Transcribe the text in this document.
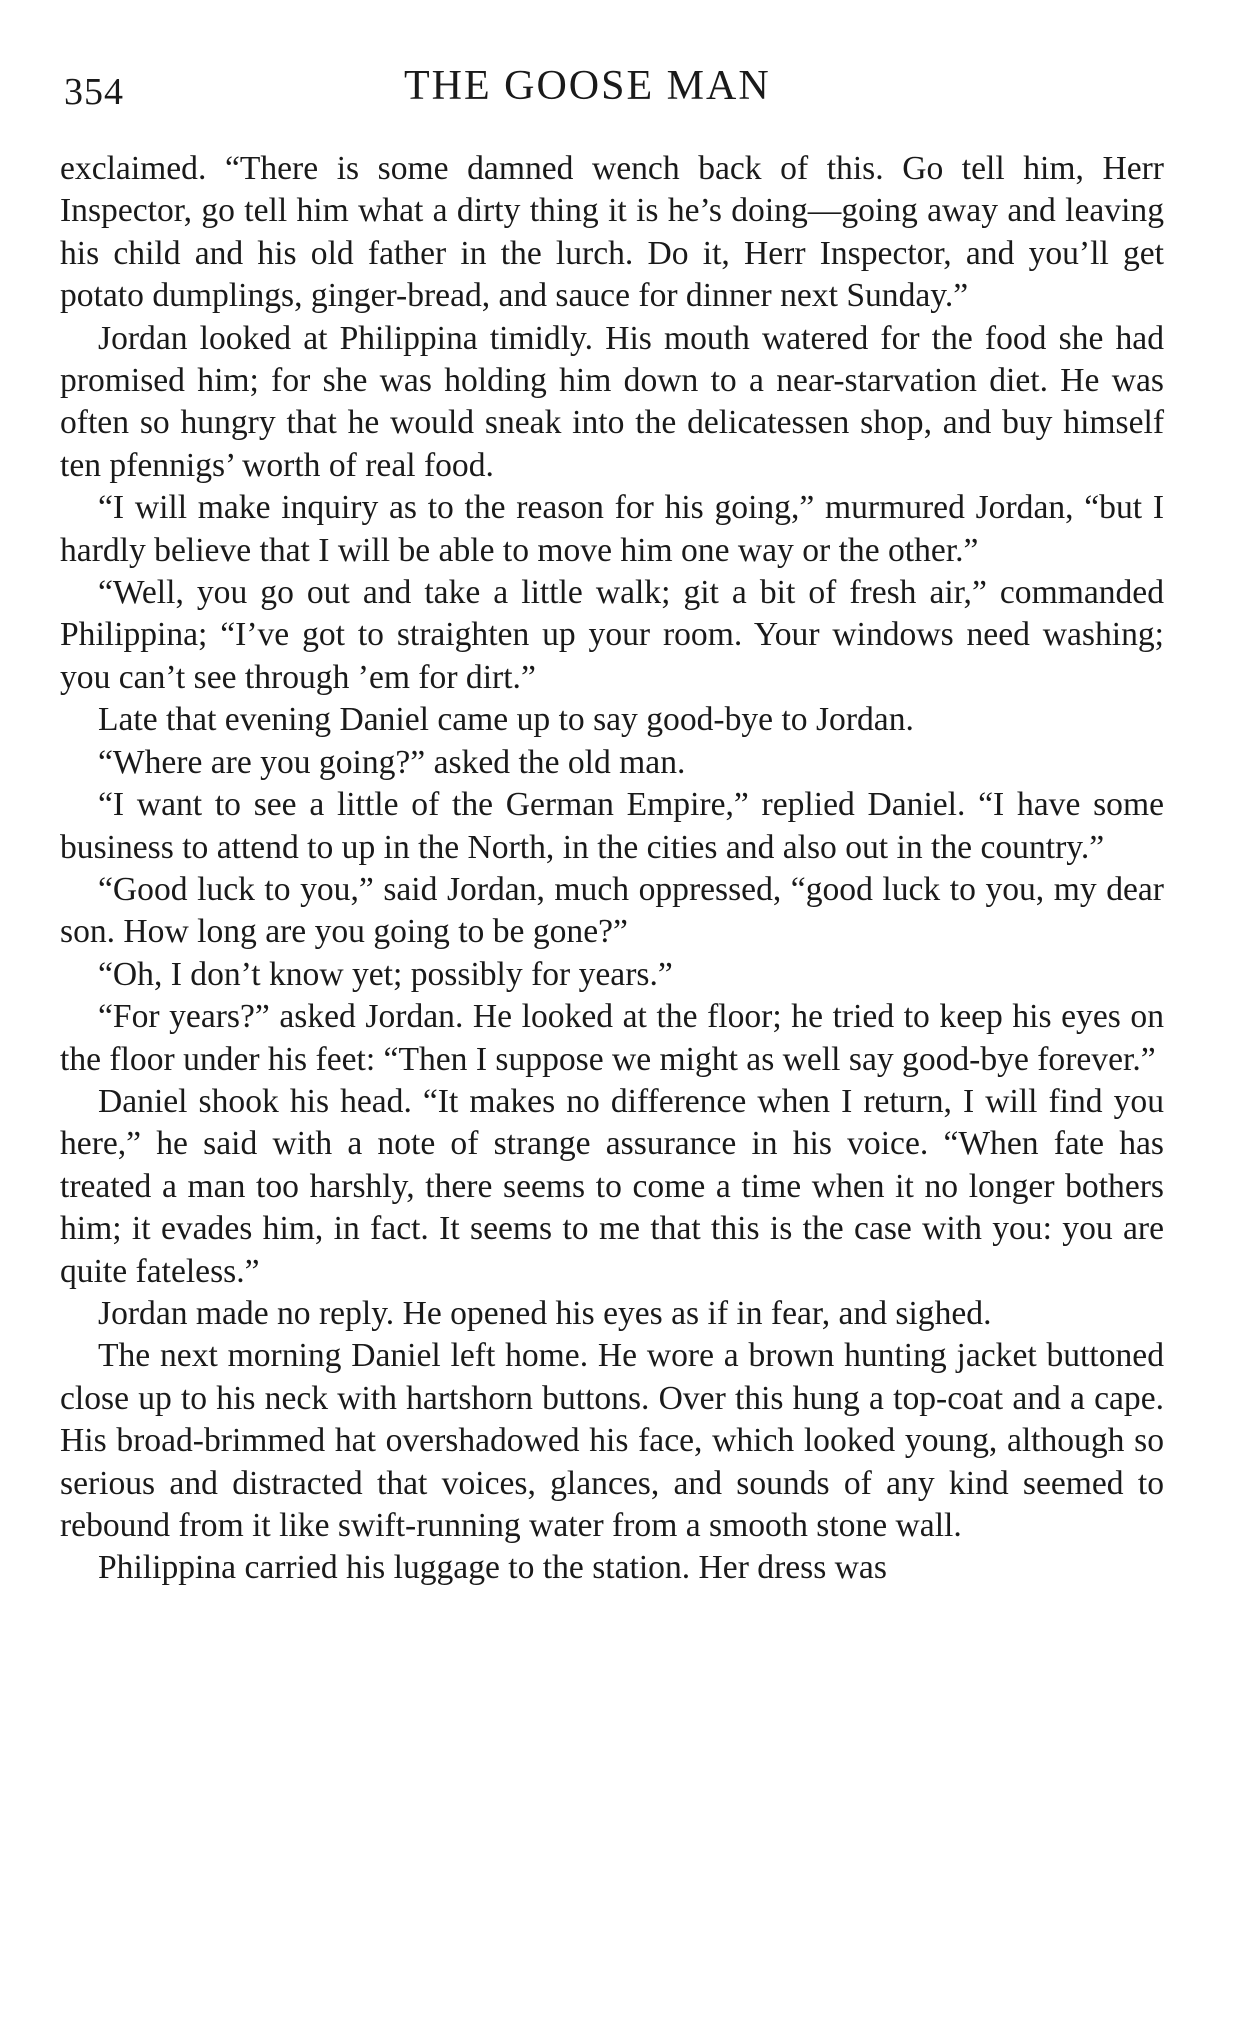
354	THE GOOSE MAN

exclaimed. “There is some damned wench back of this. Go tell him, Herr Inspector, go tell him what a dirty thing it is he’s doing—going away and leaving his child and his old father in the lurch. Do it, Herr Inspector, and you’ll get potato dumplings, ginger-bread, and sauce for dinner next Sunday.”

Jordan looked at Philippina timidly. His mouth watered for the food she had promised him; for she was holding him down to a near-starvation diet. He was often so hungry that he would sneak into the delicatessen shop, and buy himself ten pfennigs’ worth of real food.

“I will make inquiry as to the reason for his going,” murmured Jordan, “but I hardly believe that I will be able to move him one way or the other.”

“Well, you go out and take a little walk; git a bit of fresh air,” commanded Philippina; “I’ve got to straighten up your room. Your windows need washing; you can’t see through ’em for dirt.”

Late that evening Daniel came up to say good-bye to Jordan.

“Where are you going?” asked the old man.

“I want to see a little of the German Empire,” replied Daniel. “I have some business to attend to up in the North, in the cities and also out in the country.”

“Good luck to you,” said Jordan, much oppressed, “good luck to you, my dear son. How long are you going to be gone?”

“Oh, I don’t know yet; possibly for years.”

“For years?” asked Jordan. He looked at the floor; he tried to keep his eyes on the floor under his feet: “Then I suppose we might as well say good-bye forever.”

Daniel shook his head. “It makes no difference when I return, I will find you here,” he said with a note of strange assurance in his voice. “When fate has treated a man too harshly, there seems to come a time when it no longer bothers him; it evades him, in fact. It seems to me that this is the case with you: you are quite fateless.”

Jordan made no reply. He opened his eyes as if in fear, and sighed.

The next morning Daniel left home. He wore a brown hunting jacket buttoned close up to his neck with hartshorn buttons. Over this hung a top-coat and a cape. His broad-brimmed hat overshadowed his face, which looked young, although so serious and distracted that voices, glances, and sounds of any kind seemed to rebound from it like swift-running water from a smooth stone wall.

Philippina carried his luggage to the station. Her dress was
